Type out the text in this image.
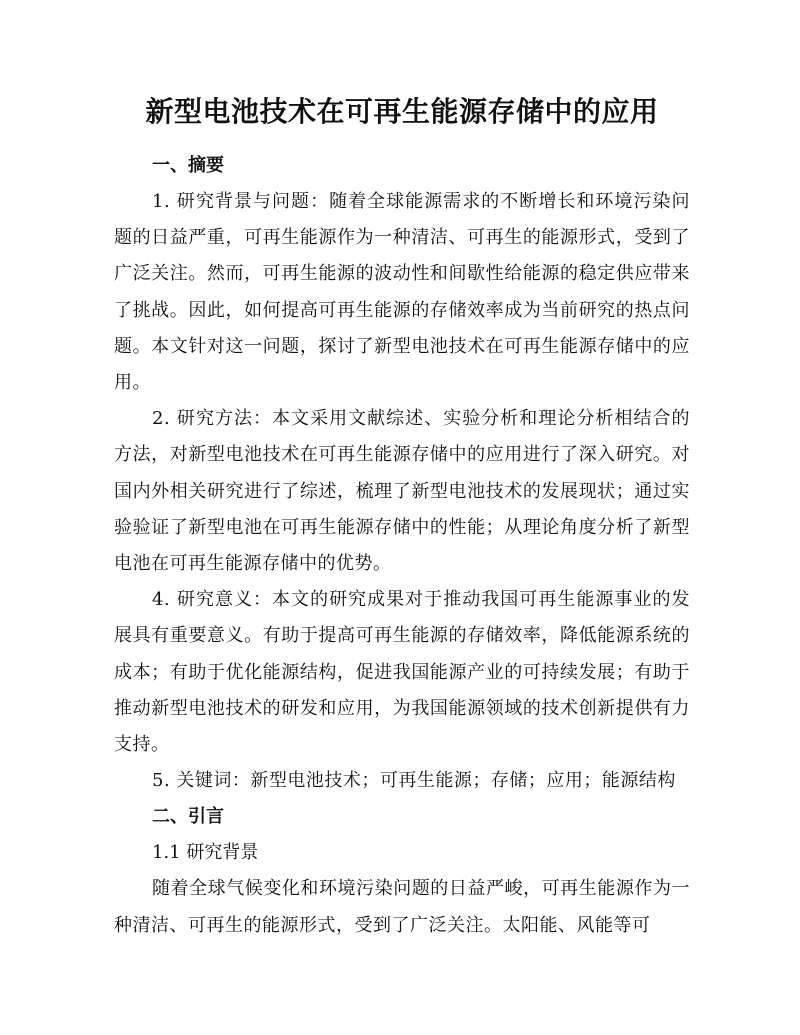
新型电池技术在可再生能源存储中的应用
一、摘要

1. 研究背景与问题：随着全球能源需求的不断增长和环境污染问题的日益严重，可再生能源作为一种清洁、可再生的能源形式，受到了广泛关注。然而，可再生能源的波动性和间歇性给能源的稳定供应带来了挑战。因此，如何提高可再生能源的存储效率成为当前研究的热点问题。本文针对这一问题，探讨了新型电池技术在可再生能源存储中的应用。

2. 研究方法：本文采用文献综述、实验分析和理论分析相结合的方法，对新型电池技术在可再生能源存储中的应用进行了深入研究。对国内外相关研究进行了综述，梳理了新型电池技术的发展现状；通过实验验证了新型电池在可再生能源存储中的性能；从理论角度分析了新型电池在可再生能源存储中的优势。

4. 研究意义：本文的研究成果对于推动我国可再生能源事业的发展具有重要意义。有助于提高可再生能源的存储效率，降低能源系统的成本；有助于优化能源结构，促进我国能源产业的可持续发展；有助于推动新型电池技术的研发和应用，为我国能源领域的技术创新提供有力支持。

5. 关键词：新型电池技术；可再生能源；存储；应用；能源结构

二、引言

1.1 研究背景

随着全球气候变化和环境污染问题的日益严峻，可再生能源作为一种清洁、可再生的能源形式，受到了广泛关注。太阳能、风能等可
